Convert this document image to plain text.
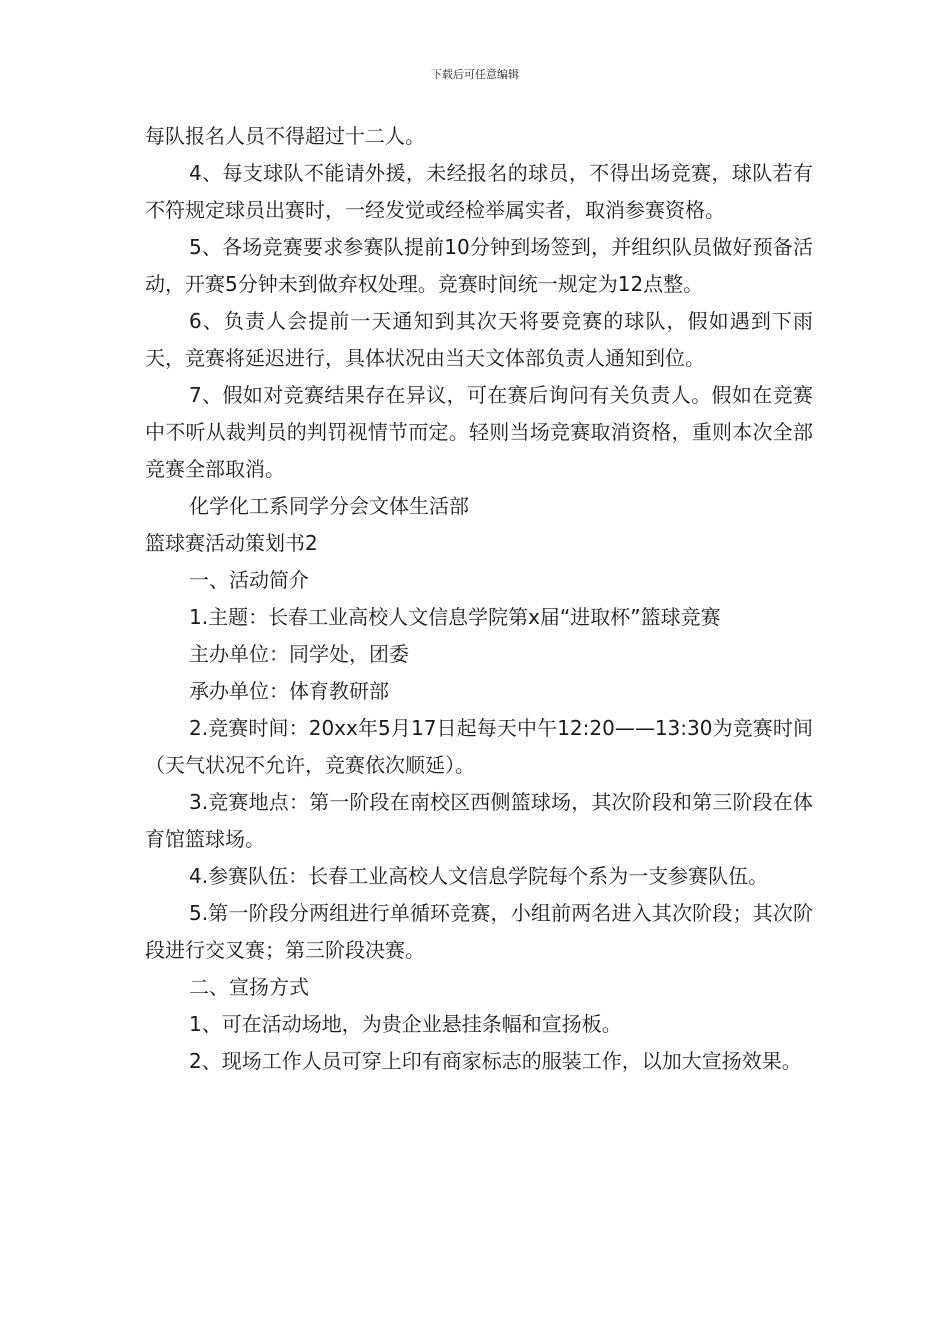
下载后可任意编辑

每队报名人员不得超过十二人。

4、每支球队不能请外援，未经报名的球员，不得出场竞赛，球队若有不符规定球员出赛时，一经发觉或经检举属实者，取消参赛资格。

5、各场竞赛要求参赛队提前10分钟到场签到，并组织队员做好预备活动，开赛5分钟未到做弃权处理。竞赛时间统一规定为12点整。

6、负责人会提前一天通知到其次天将要竞赛的球队，假如遇到下雨天，竞赛将延迟进行，具体状况由当天文体部负责人通知到位。

7、假如对竞赛结果存在异议，可在赛后询问有关负责人。假如在竞赛中不听从裁判员的判罚视情节而定。轻则当场竞赛取消资格，重则本次全部竞赛全部取消。

化学化工系同学分会文体生活部

篮球赛活动策划书2

一、活动简介

1.主题：长春工业高校人文信息学院第x届“进取杯”篮球竞赛

主办单位：同学处，团委

承办单位：体育教研部

2.竞赛时间：20xx年5月17日起每天中午12:20——13:30为竞赛时间（天气状况不允许，竞赛依次顺延）。

3.竞赛地点：第一阶段在南校区西侧篮球场，其次阶段和第三阶段在体育馆篮球场。

4.参赛队伍：长春工业高校人文信息学院每个系为一支参赛队伍。

5.第一阶段分两组进行单循环竞赛，小组前两名进入其次阶段；其次阶段进行交叉赛；第三阶段决赛。

二、宣扬方式

1、可在活动场地，为贵企业悬挂条幅和宣扬板。

2、现场工作人员可穿上印有商家标志的服装工作，以加大宣扬效果。
